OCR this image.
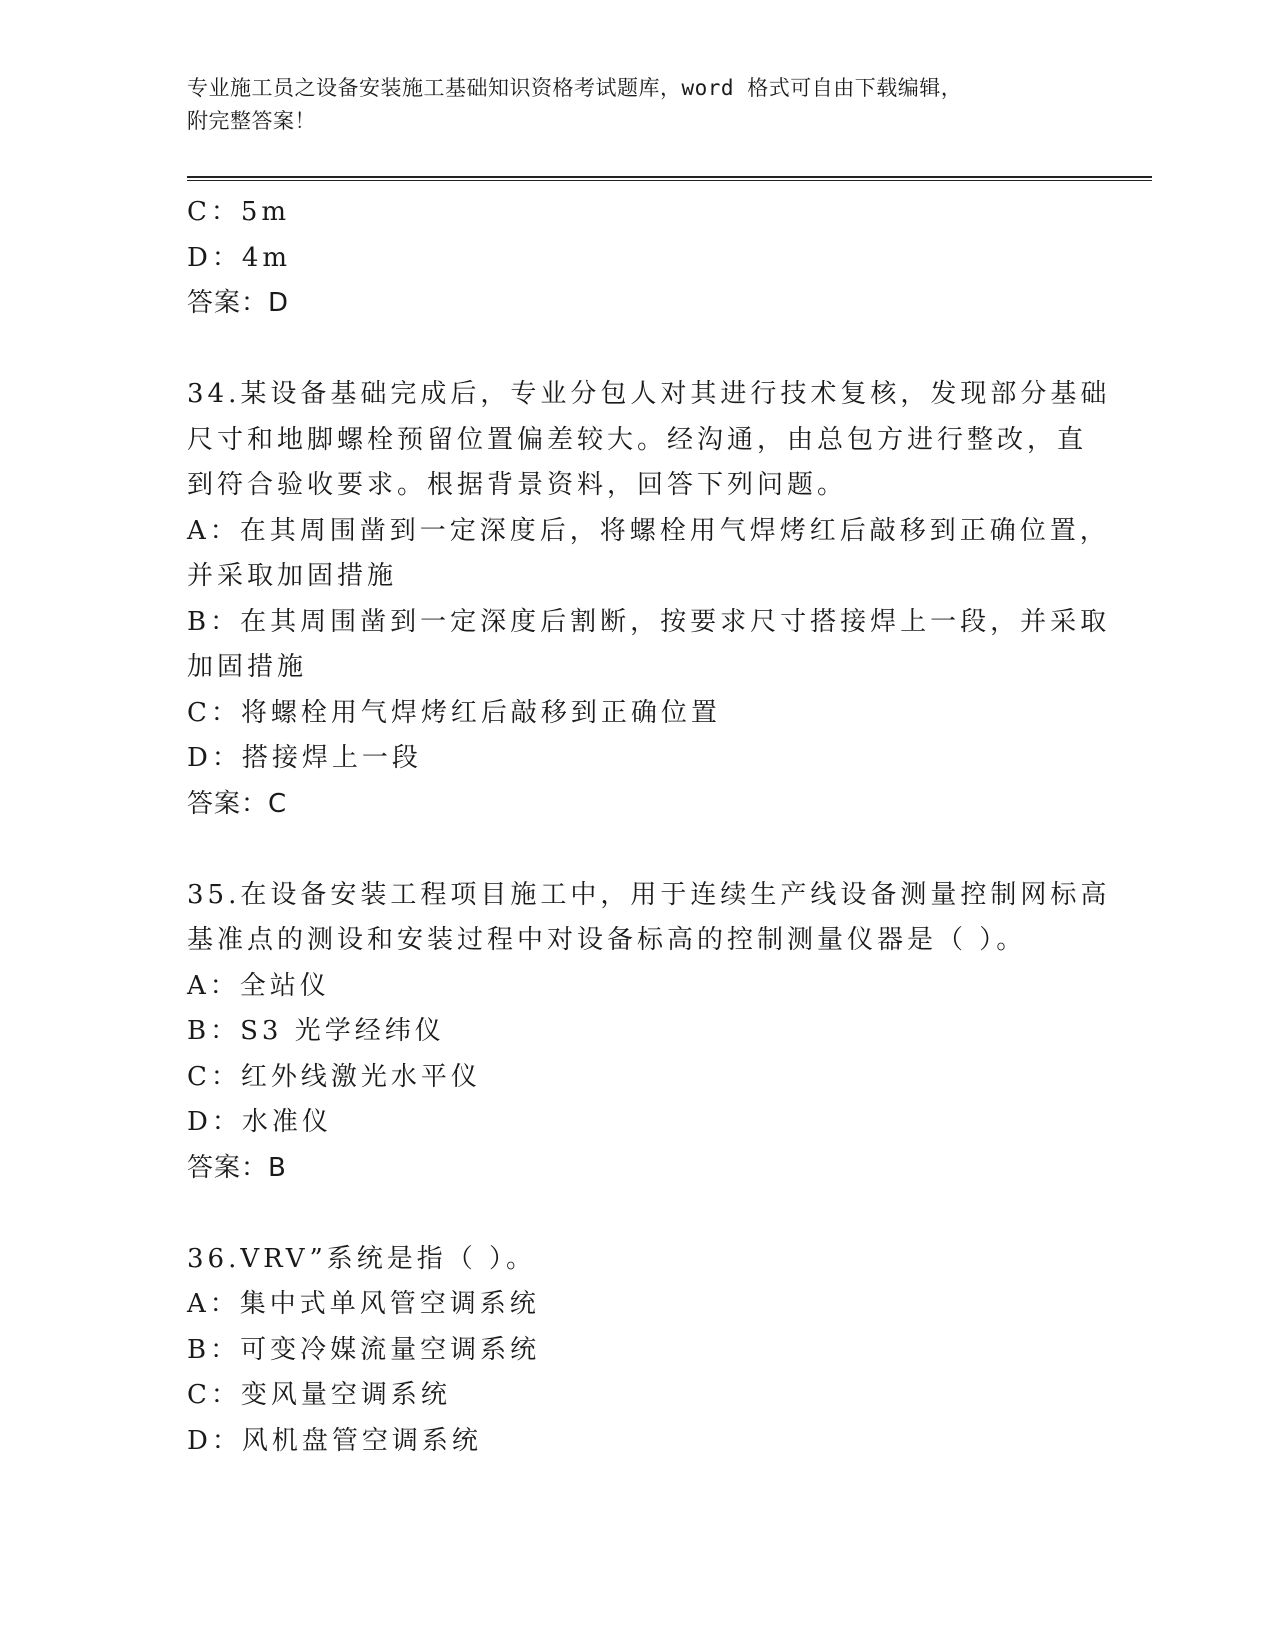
专业施工员之设备安装施工基础知识资格考试题库，word 格式可自由下载编辑，
附完整答案！
C：5m
D：4m
答案：D
34.某设备基础完成后，专业分包人对其进行技术复核，发现部分基础
尺寸和地脚螺栓预留位置偏差较大。经沟通，由总包方进行整改，直
到符合验收要求。根据背景资料，回答下列问题。
A：在其周围凿到一定深度后，将螺栓用气焊烤红后敲移到正确位置，
并采取加固措施
B：在其周围凿到一定深度后割断，按要求尺寸搭接焊上一段，并采取
加固措施
C：将螺栓用气焊烤红后敲移到正确位置
D：搭接焊上一段
答案：C
35.在设备安装工程项目施工中，用于连续生产线设备测量控制网标高
基准点的测设和安装过程中对设备标高的控制测量仪器是（ ）。
A：全站仪
B：S3 光学经纬仪
C：红外线激光水平仪
D：水准仪
答案：B
36.VRV”系统是指（ ）。
A：集中式单风管空调系统
B：可变冷媒流量空调系统
C：变风量空调系统
D：风机盘管空调系统
